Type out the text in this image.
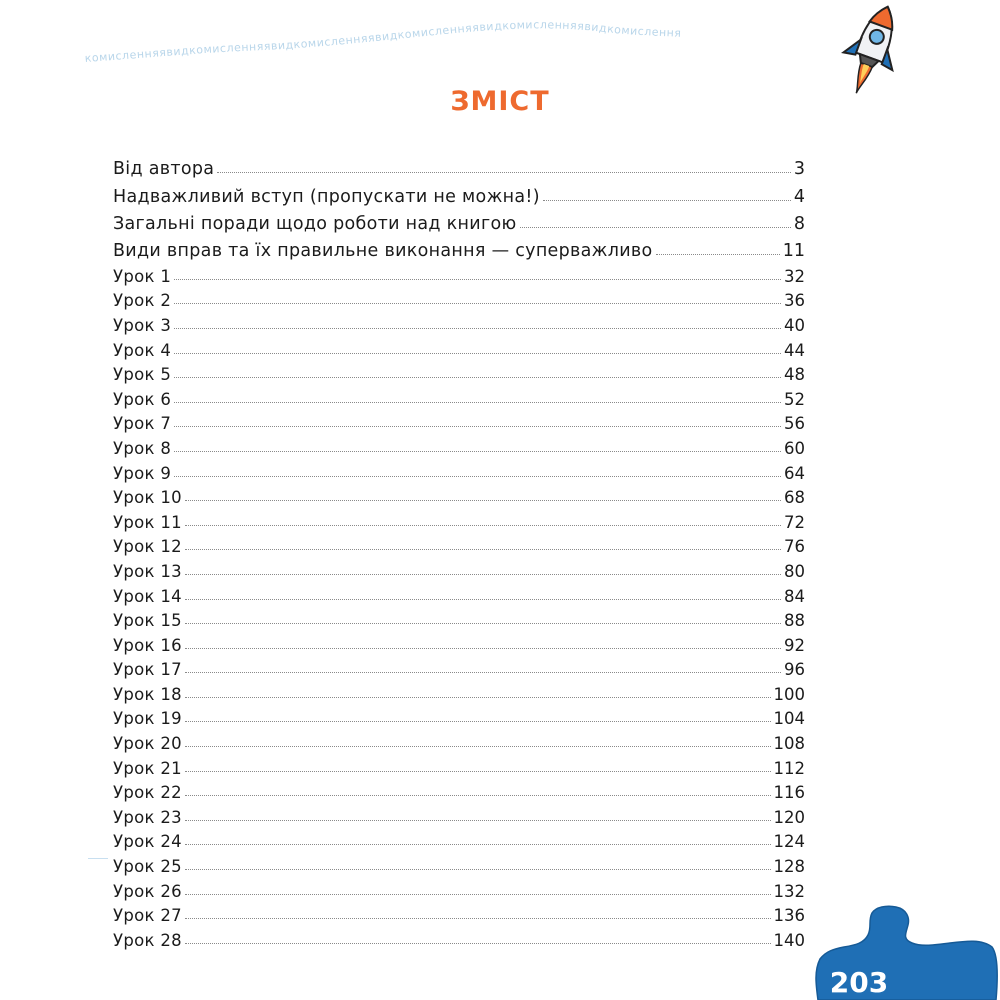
комисленняявидкомисленняявидкомисленняявидкомисленняявидкомисленняявидкомислення
ЗМІСТ
Від автора	3
Надважливий вступ (пропускати не можна!)	4
Загальні поради щодо роботи над книгою	8
Види вправ та їх правильне виконання — суперважливо	11
Урок 1	32
Урок 2	36
Урок 3	40
Урок 4	44
Урок 5	48
Урок 6	52
Урок 7	56
Урок 8	60
Урок 9	64
Урок 10	68
Урок 11	72
Урок 12	76
Урок 13	80
Урок 14	84
Урок 15	88
Урок 16	92
Урок 17	96
Урок 18	100
Урок 19	104
Урок 20	108
Урок 21	112
Урок 22	116
Урок 23	120
Урок 24	124
Урок 25	128
Урок 26	132
Урок 27	136
Урок 28	140
203
